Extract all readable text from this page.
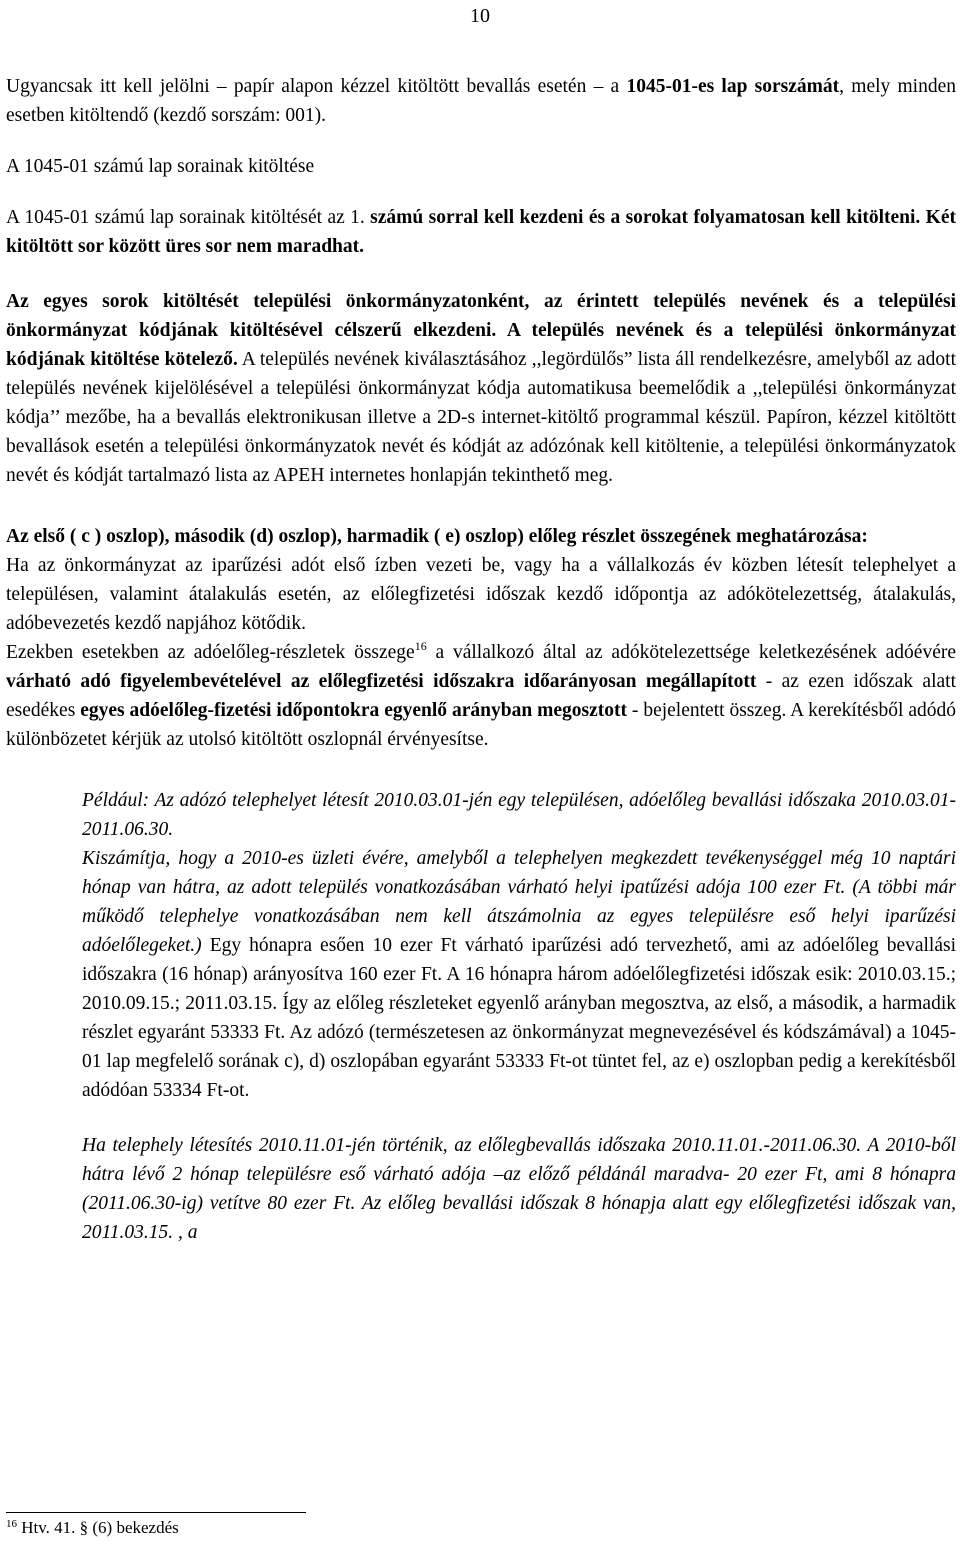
10

Ugyancsak itt kell jelölni – papír alapon kézzel kitöltött bevallás esetén – a 1045-01-es lap sorszámát, mely minden esetben kitöltendő (kezdő sorszám: 001).

A 1045-01 számú lap sorainak kitöltése

A 1045-01 számú lap sorainak kitöltését az 1. számú sorral kell kezdeni és a sorokat folyamatosan kell kitölteni. Két kitöltött sor között üres sor nem maradhat.

Az egyes sorok kitöltését települési önkormányzatonként, az érintett település nevének és a települési önkormányzat kódjának kitöltésével célszerű elkezdeni. A település nevének és a települési önkormányzat kódjának kitöltése kötelező. A település nevének kiválasztásához ,,legördülős” lista áll rendelkezésre, amelyből az adott település nevének kijelölésével a települési önkormányzat kódja automatikusa beemelődik a ,,települési önkormányzat kódja’’ mezőbe, ha a bevallás elektronikusan illetve a 2D-s internet-kitöltő programmal készül. Papíron, kézzel kitöltött bevallások esetén a települési önkormányzatok nevét és kódját az adózónak kell kitöltenie, a települési önkormányzatok nevét és kódját tartalmazó lista az APEH internetes honlapján tekinthető meg.

Az első ( c ) oszlop), második (d) oszlop), harmadik ( e) oszlop) előleg részlet összegének meghatározása:

Ha az önkormányzat az iparűzési adót első ízben vezeti be, vagy ha a vállalkozás év közben létesít telephelyet a településen, valamint átalakulás esetén, az előlegfizetési időszak kezdő időpontja az adókötelezettség, átalakulás, adóbevezetés kezdő napjához kötődik.

Ezekben esetekben az adóelőleg-részletek összege$^{16}$ a vállalkozó által az adókötelezettsége keletkezésének adóévére várható adó figyelembevételével az előlegfizetési időszakra időarányosan megállapított - az ezen időszak alatt esedékes egyes adóelőleg-fizetési időpontokra egyenlő arányban megosztott - bejelentett összeg. A kerekítésből adódó különbözetet kérjük az utolsó kitöltött oszlopnál érvényesítse.

Például: Az adózó telephelyet létesít 2010.03.01-jén egy településen, adóelőleg bevallási időszaka 2010.03.01-2011.06.30.

Kiszámítja, hogy a 2010-es üzleti évére, amelyből a telephelyen megkezdett tevékenységgel még 10 naptári hónap van hátra, az adott település vonatkozásában várható helyi ipatűzési adója 100 ezer Ft. (A többi már működő telephelye vonatkozásában nem kell átszámolnia az egyes településre eső helyi iparűzési adóelőlegeket.) Egy hónapra esően 10 ezer Ft várható iparűzési adó tervezhető, ami az adóelőleg bevallási időszakra (16 hónap) arányosítva 160 ezer Ft. A 16 hónapra három adóelőlegfizetési időszak esik: 2010.03.15.; 2010.09.15.; 2011.03.15. Így az előleg részleteket egyenlő arányban megosztva, az első, a második, a harmadik részlet egyaránt 53333 Ft. Az adózó (természetesen az önkormányzat megnevezésével és kódszámával) a 1045-01 lap megfelelő sorának c), d) oszlopában egyaránt 53333 Ft-ot tüntet fel, az e) oszlopban pedig a kerekítésből adódóan 53334 Ft-ot.

Ha telephely létesítés 2010.11.01-jén történik, az előlegbevallás időszaka 2010.11.01.-2011.06.30. A 2010-ből hátra lévő 2 hónap településre eső várható adója –az előző példánál maradva- 20 ezer Ft, ami 8 hónapra (2011.06.30-ig) vetítve 80 ezer Ft. Az előleg bevallási időszak 8 hónapja alatt egy előlegfizetési időszak van, 2011.03.15. , a

$^{16}$ Htv. 41. § (6) bekezdés
